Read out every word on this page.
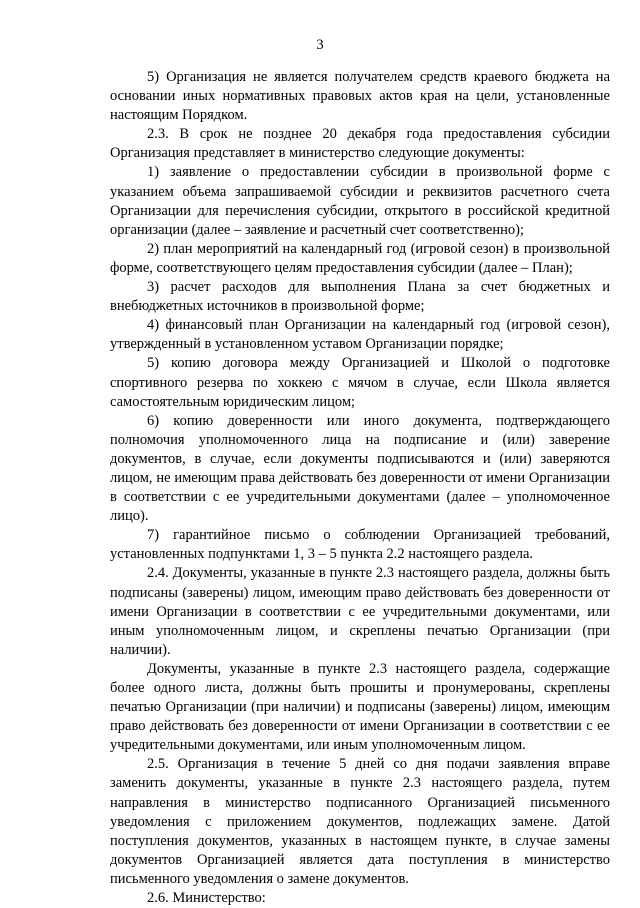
3

5) Организация не является получателем средств краевого бюджета на основании иных нормативных правовых актов края на цели, установленные настоящим Порядком.

2.3. В срок не позднее 20 декабря года предоставления субсидии Организация представляет в министерство следующие документы:

1) заявление о предоставлении субсидии в произвольной форме с указанием объема запрашиваемой субсидии и реквизитов расчетного счета Организации для перечисления субсидии, открытого в российской кредитной организации (далее – заявление и расчетный счет соответственно);

2) план мероприятий на календарный год (игровой сезон) в произвольной форме, соответствующего целям предоставления субсидии (далее – План);

3) расчет расходов для выполнения Плана за счет бюджетных и внебюджетных источников в произвольной форме;

4) финансовый план Организации на календарный год (игровой сезон), утвержденный в установленном уставом Организации порядке;

5) копию договора между Организацией и Школой о подготовке спортивного резерва по хоккею с мячом в случае, если Школа является самостоятельным юридическим лицом;

6) копию доверенности или иного документа, подтверждающего полномочия уполномоченного лица на подписание и (или) заверение документов, в случае, если документы подписываются и (или) заверяются лицом, не имеющим права действовать без доверенности от имени Организации в соответствии с ее учредительными документами (далее – уполномоченное лицо).

7) гарантийное письмо о соблюдении Организацией требований, установленных подпунктами 1, 3 – 5 пункта 2.2 настоящего раздела.

2.4. Документы, указанные в пункте 2.3 настоящего раздела, должны быть подписаны (заверены) лицом, имеющим право действовать без доверенности от имени Организации в соответствии с ее учредительными документами, или иным уполномоченным лицом, и скреплены печатью Организации (при наличии).

Документы, указанные в пункте 2.3 настоящего раздела, содержащие более одного листа, должны быть прошиты и пронумерованы, скреплены печатью Организации (при наличии) и подписаны (заверены) лицом, имеющим право действовать без доверенности от имени Организации в соответствии с ее учредительными документами, или иным уполномоченным лицом.

2.5. Организация в течение 5 дней со дня подачи заявления вправе заменить документы, указанные в пункте 2.3 настоящего раздела, путем направления в министерство подписанного Организацией письменного уведомления с приложением документов, подлежащих замене. Датой поступления документов, указанных в настоящем пункте, в случае замены документов Организацией является дата поступления в министерство письменного уведомления о замене документов.

2.6. Министерство:
